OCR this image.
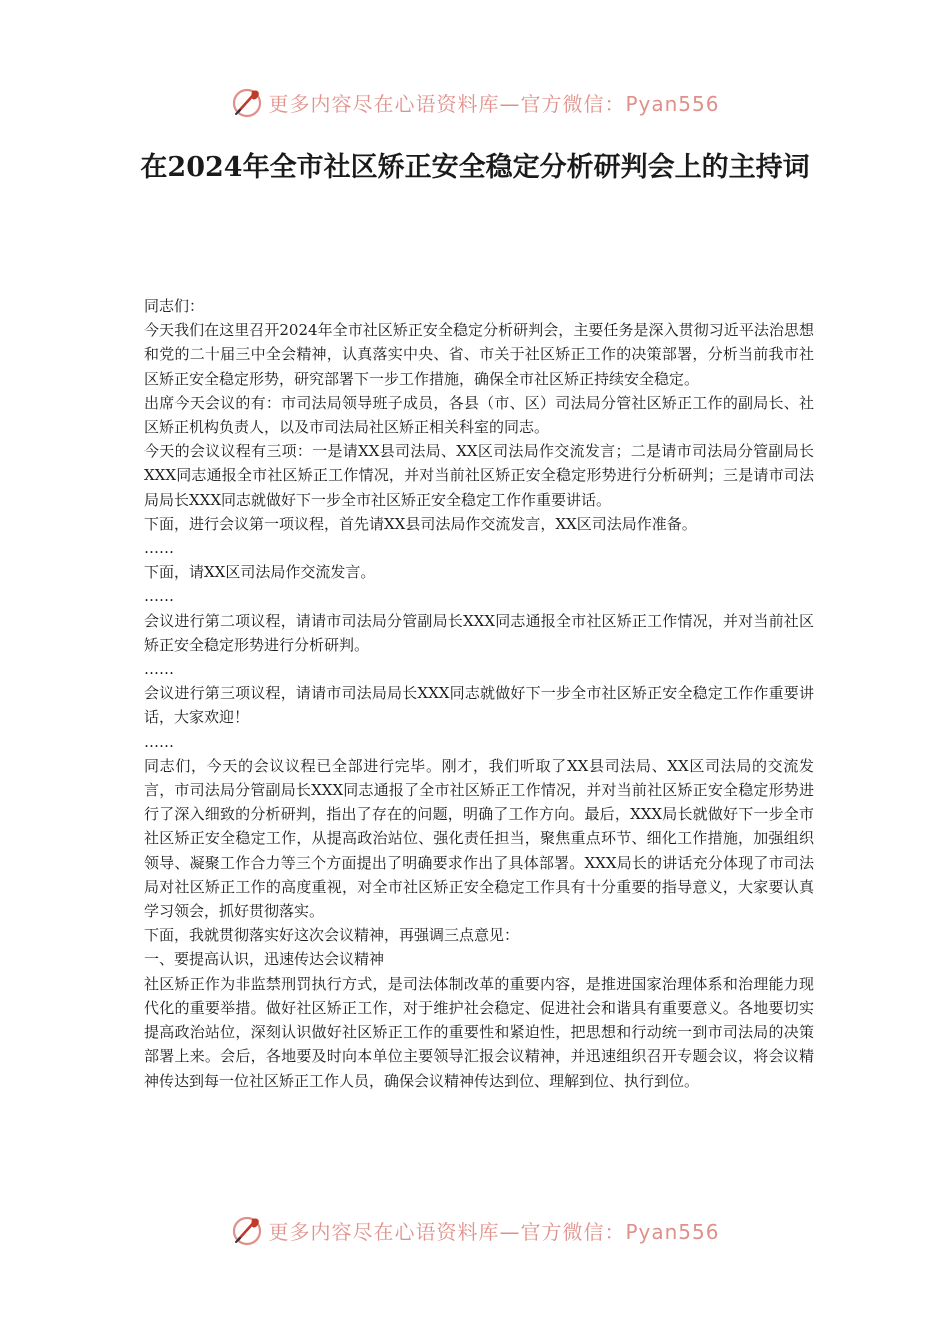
更多内容尽在心语资料库—官方微信：Pyan556
在2024年全市社区矫正安全稳定分析研判会上的主持词

同志们：

今天我们在这里召开2024年全市社区矫正安全稳定分析研判会，主要任务是深入贯彻习近平法治思想和党的二十届三中全会精神，认真落实中央、省、市关于社区矫正工作的决策部署，分析当前我市社区矫正安全稳定形势，研究部署下一步工作措施，确保全市社区矫正持续安全稳定。

出席今天会议的有：市司法局领导班子成员，各县（市、区）司法局分管社区矫正工作的副局长、社区矫正机构负责人，以及市司法局社区矫正相关科室的同志。

今天的会议议程有三项：一是请XX县司法局、XX区司法局作交流发言；二是请市司法局分管副局长XXX同志通报全市社区矫正工作情况，并对当前社区矫正安全稳定形势进行分析研判；三是请市司法局局长XXX同志就做好下一步全市社区矫正安全稳定工作作重要讲话。

下面，进行会议第一项议程，首先请XX县司法局作交流发言，XX区司法局作准备。

……

下面，请XX区司法局作交流发言。

……

会议进行第二项议程，请请市司法局分管副局长XXX同志通报全市社区矫正工作情况，并对当前社区矫正安全稳定形势进行分析研判。

……

会议进行第三项议程，请请市司法局局长XXX同志就做好下一步全市社区矫正安全稳定工作作重要讲话，大家欢迎！

……

同志们，今天的会议议程已全部进行完毕。刚才，我们听取了XX县司法局、XX区司法局的交流发言，市司法局分管副局长XXX同志通报了全市社区矫正工作情况，并对当前社区矫正安全稳定形势进行了深入细致的分析研判，指出了存在的问题，明确了工作方向。最后，XXX局长就做好下一步全市社区矫正安全稳定工作，从提高政治站位、强化责任担当，聚焦重点环节、细化工作措施，加强组织领导、凝聚工作合力等三个方面提出了明确要求作出了具体部署。XXX局长的讲话充分体现了市司法局对社区矫正工作的高度重视，对全市社区矫正安全稳定工作具有十分重要的指导意义，大家要认真学习领会，抓好贯彻落实。

下面，我就贯彻落实好这次会议精神，再强调三点意见：

一、要提高认识，迅速传达会议精神

社区矫正作为非监禁刑罚执行方式，是司法体制改革的重要内容，是推进国家治理体系和治理能力现代化的重要举措。做好社区矫正工作，对于维护社会稳定、促进社会和谐具有重要意义。各地要切实提高政治站位，深刻认识做好社区矫正工作的重要性和紧迫性，把思想和行动统一到市司法局的决策部署上来。会后，各地要及时向本单位主要领导汇报会议精神，并迅速组织召开专题会议，将会议精神传达到每一位社区矫正工作人员，确保会议精神传达到位、理解到位、执行到位。

更多内容尽在心语资料库—官方微信：Pyan556
